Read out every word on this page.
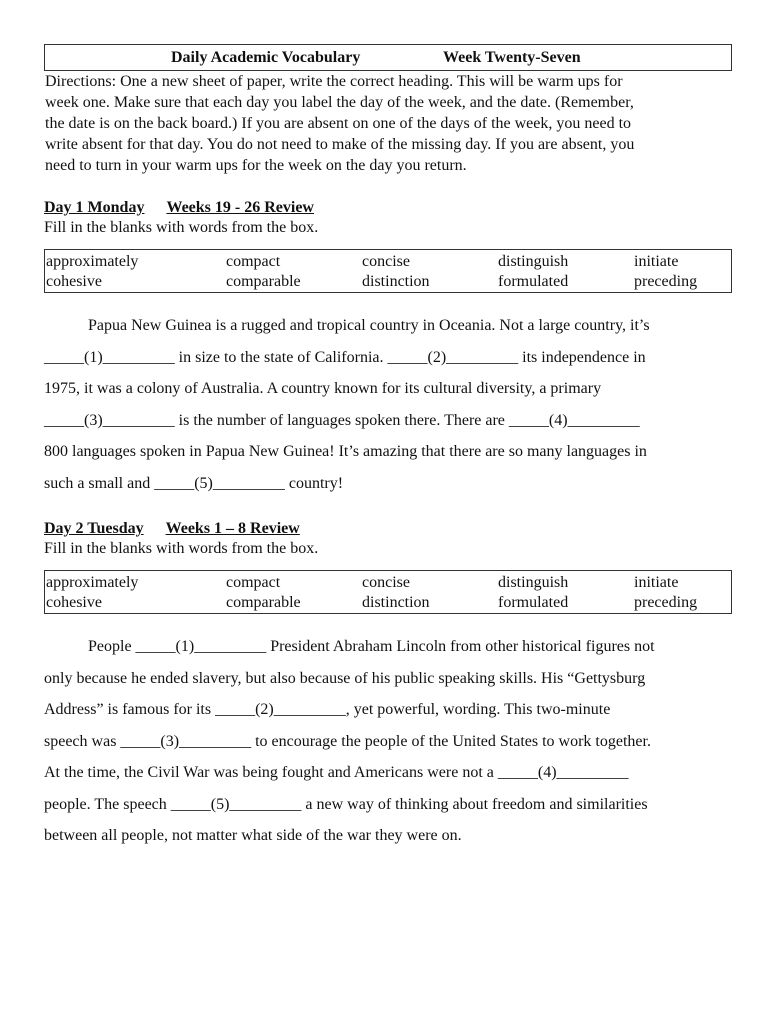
Daily Academic Vocabulary	Week Twenty-Seven
Directions: One a new sheet of paper, write the correct heading. This will be warm ups for
week one. Make sure that each day you label the day of the week, and the date. (Remember,
the date is on the back board.) If you are absent on one of the days of the week, you need to
write absent for that day. You do not need to make of the missing day. If you are absent, you
need to turn in your warm ups for the week on the day you return.
Day 1 Monday Weeks 19 - 26 Review
Fill in the blanks with words from the box.
approximately	compact	concise	distinguish	initiate
cohesive	comparable	distinction	formulated	preceding
Papua New Guinea is a rugged and tropical country in Oceania. Not a large country, it’s
_____(1)_________ in size to the state of California. _____(2)_________ its independence in
1975, it was a colony of Australia. A country known for its cultural diversity, a primary
_____(3)_________ is the number of languages spoken there. There are _____(4)_________
800 languages spoken in Papua New Guinea! It’s amazing that there are so many languages in
such a small and _____(5)_________ country!
Day 2 Tuesday Weeks 1 – 8 Review
Fill in the blanks with words from the box.
approximately	compact	concise	distinguish	initiate
cohesive	comparable	distinction	formulated	preceding
People _____(1)_________ President Abraham Lincoln from other historical figures not
only because he ended slavery, but also because of his public speaking skills. His “Gettysburg
Address” is famous for its _____(2)_________, yet powerful, wording. This two-minute
speech was _____(3)_________ to encourage the people of the United States to work together.
At the time, the Civil War was being fought and Americans were not a _____(4)_________
people. The speech _____(5)_________ a new way of thinking about freedom and similarities
between all people, not matter what side of the war they were on.
